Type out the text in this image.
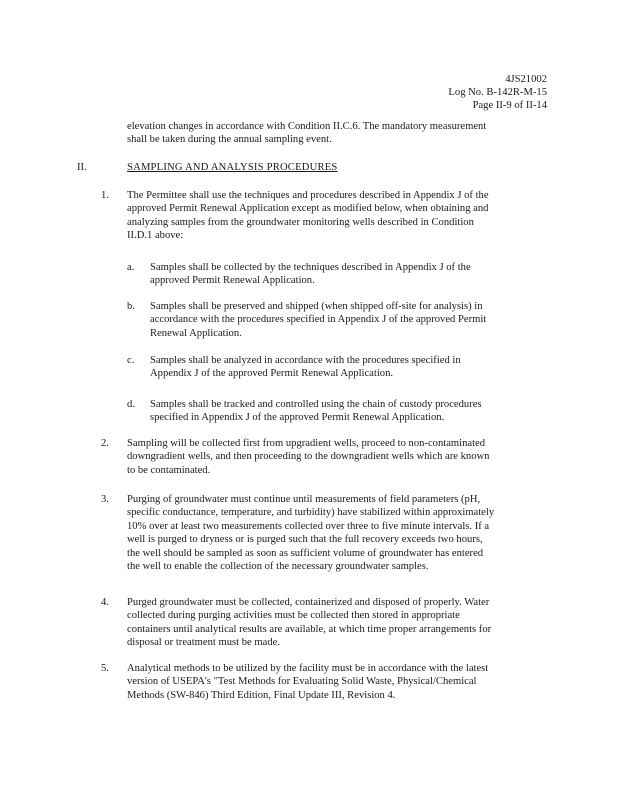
4JS21002
Log No. B-142R-M-15
Page II-9 of II-14
elevation changes in accordance with Condition II.C.6. The mandatory measurement
shall be taken during the annual sampling event.
II.	SAMPLING AND ANALYSIS PROCEDURES
1.	The Permittee shall use the techniques and procedures described in Appendix J of the
approved Permit Renewal Application except as modified below, when obtaining and
analyzing samples from the groundwater monitoring wells described in Condition
II.D.1 above:
a.	Samples shall be collected by the techniques described in Appendix J of the
approved Permit Renewal Application.
b.	Samples shall be preserved and shipped (when shipped off-site for analysis) in
accordance with the procedures specified in Appendix J of the approved Permit
Renewal Application.
c.	Samples shall be analyzed in accordance with the procedures specified in
Appendix J of the approved Permit Renewal Application.
d.	Samples shall be tracked and controlled using the chain of custody procedures
specified in Appendix J of the approved Permit Renewal Application.
2.	Sampling will be collected first from upgradient wells, proceed to non-contaminated
downgradient wells, and then proceeding to the downgradient wells which are known
to be contaminated.
3.	Purging of groundwater must continue until measurements of field parameters (pH,
specific conductance, temperature, and turbidity) have stabilized within approximately
10% over at least two measurements collected over three to five minute intervals. If a
well is purged to dryness or is purged such that the full recovery exceeds two hours,
the well should be sampled as soon as sufficient volume of groundwater has entered
the well to enable the collection of the necessary groundwater samples.
4.	Purged groundwater must be collected, containerized and disposed of properly. Water
collected during purging activities must be collected then stored in appropriate
containers until analytical results are available, at which time proper arrangements for
disposal or treatment must be made.
5.	Analytical methods to be utilized by the facility must be in accordance with the latest
version of USEPA's "Test Methods for Evaluating Solid Waste, Physical/Chemical
Methods (SW-846) Third Edition, Final Update III, Revision 4.
